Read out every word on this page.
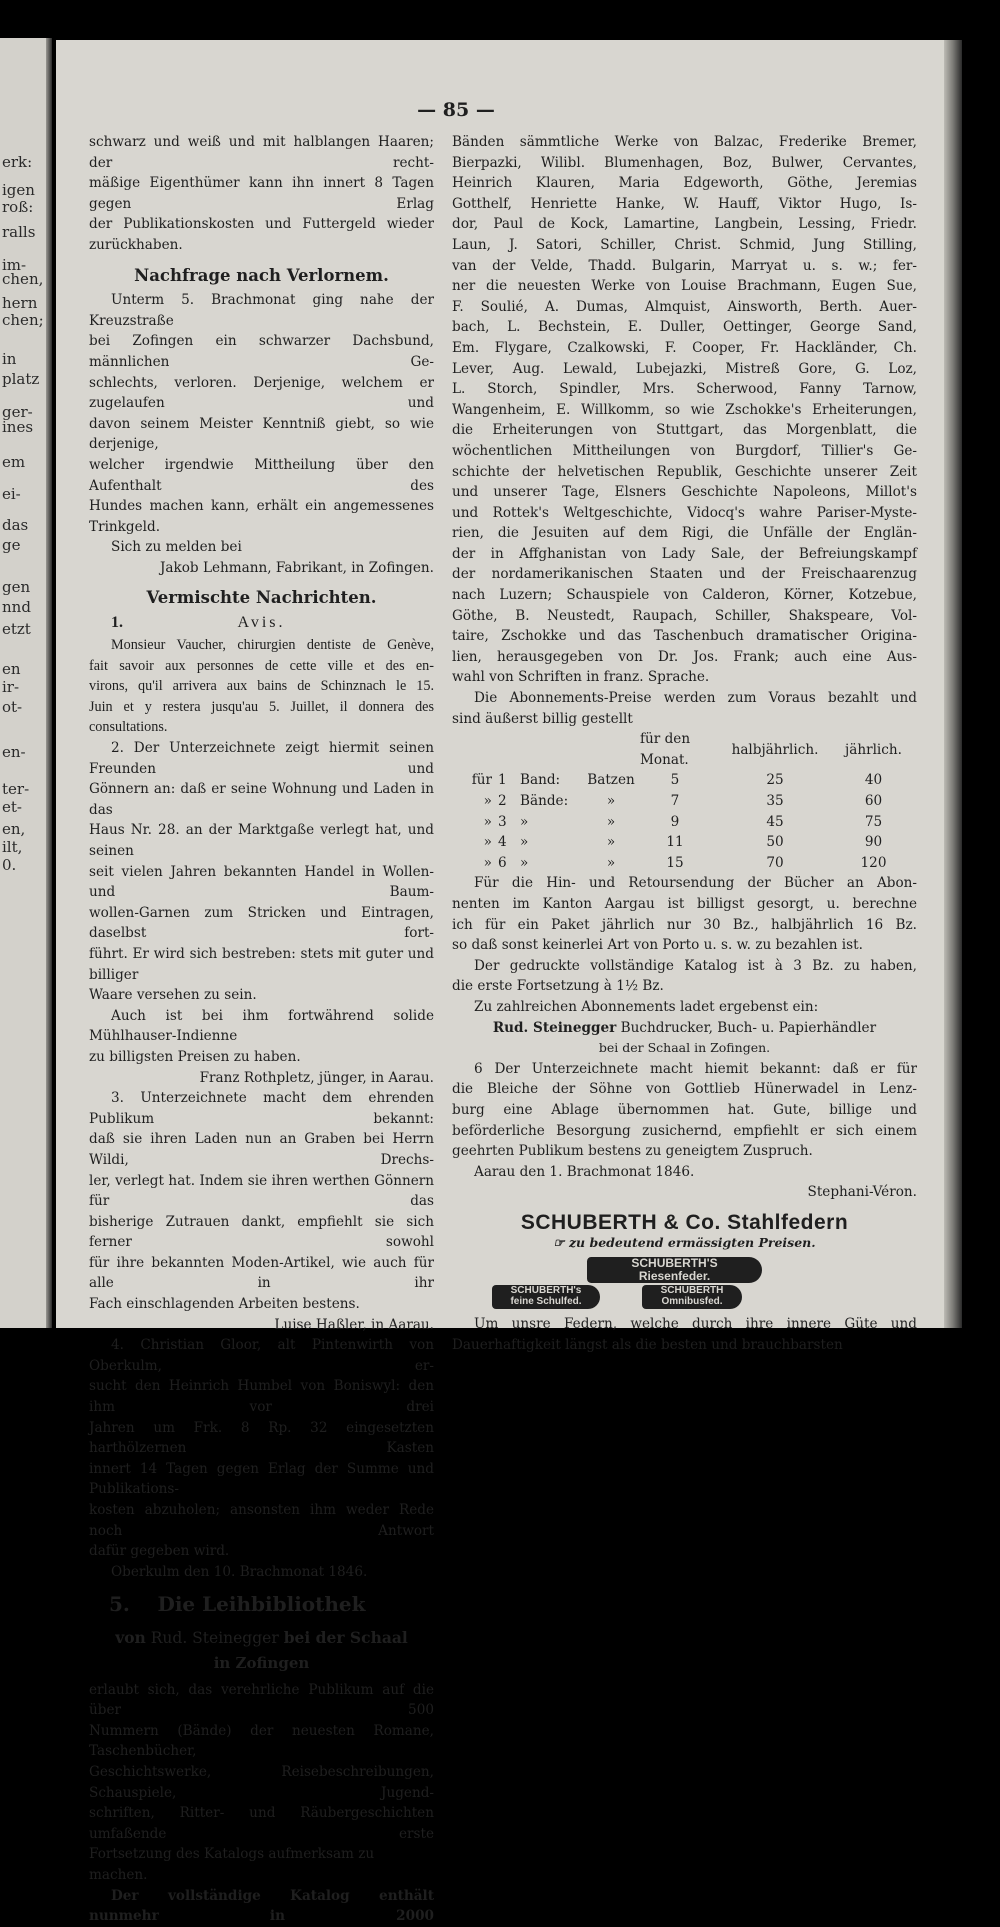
erk:
igen
roß:
ralls
im-
chen,
hern
chen;
in
platz
ger-
ines
em
ei-
das
ge
gen
nnd
etzt
en
ir-
ot-
en-
ter-
et-
en,
ilt,
0.
— 85 —
schwarz und weiß und mit halblangen Haaren; der recht-
mäßige Eigenthümer kann ihn innert 8 Tagen gegen Erlag
der Publikationskosten und Futtergeld wieder zurückhaben.
Nachfrage nach Verlornem.
Unterm 5. Brachmonat ging nahe der Kreuzstraße
bei Zofingen ein schwarzer Dachsbund, männlichen Ge-
schlechts, verloren. Derjenige, welchem er zugelaufen und
davon seinem Meister Kenntniß giebt, so wie derjenige,
welcher irgendwie Mittheilung über den Aufenthalt des
Hundes machen kann, erhält ein angemessenes Trinkgeld.
Sich zu melden bei
Jakob Lehmann, Fabrikant, in Zofingen.
Vermischte Nachrichten.
1.	Avis.
Monsieur Vaucher, chirurgien dentiste de Genève,
fait savoir aux personnes de cette ville et des en-
virons, qu'il arrivera aux bains de Schinznach le 15.
Juin et y restera jusqu'au 5. Juillet, il donnera des
consultations.
2. Der Unterzeichnete zeigt hiermit seinen Freunden und
Gönnern an: daß er seine Wohnung und Laden in das
Haus Nr. 28. an der Marktgaße verlegt hat, und seinen
seit vielen Jahren bekannten Handel in Wollen- und Baum-
wollen-Garnen zum Stricken und Eintragen, daselbst fort-
führt. Er wird sich bestreben: stets mit guter und billiger
Waare versehen zu sein.
Auch ist bei ihm fortwährend solide Mühlhauser-Indienne
zu billigsten Preisen zu haben.
Franz Rothpletz, jünger, in Aarau.
3. Unterzeichnete macht dem ehrenden Publikum bekannt:
daß sie ihren Laden nun an Graben bei Herrn Wildi, Drechs-
ler, verlegt hat. Indem sie ihren werthen Gönnern für das
bisherige Zutrauen dankt, empfiehlt sie sich ferner sowohl
für ihre bekannten Moden-Artikel, wie auch für alle in ihr
Fach einschlagenden Arbeiten bestens.
Luise Haßler, in Aarau.
4. Christian Gloor, alt Pintenwirth von Oberkulm, er-
sucht den Heinrich Humbel von Boniswyl: den ihm vor drei
Jahren um Frk. 8 Rp. 32 eingesetzten harthölzernen Kasten
innert 14 Tagen gegen Erlag der Summe und Publikations-
kosten abzuholen; ansonsten ihm weder Rede noch Antwort
dafür gegeben wird.
Oberkulm den 10. Brachmonat 1846.
5.	Die Leihbibliothek
von Rud. Steinegger bei der Schaal
in Zofingen
erlaubt sich, das verehrliche Publikum auf die über 500
Nummern (Bände) der neuesten Romane, Taschenbücher,
Geschichtswerke, Reisebeschreibungen, Schauspiele, Jugend-
schriften, Ritter- und Räubergeschichten umfaßende erste
Fortsetzung des Katalogs aufmerksam zu machen.
Der vollständige Katalog enthält nunmehr in 2000
Bänden sämmtliche Werke von Balzac, Frederike Bremer,
Bierpazki, Wilibl. Blumenhagen, Boz, Bulwer, Cervantes,
Heinrich Klauren, Maria Edgeworth, Göthe, Jeremias
Gotthelf, Henriette Hanke, W. Hauff, Viktor Hugo, Is-
dor, Paul de Kock, Lamartine, Langbein, Lessing, Friedr.
Laun, J. Satori, Schiller, Christ. Schmid, Jung Stilling,
van der Velde, Thadd. Bulgarin, Marryat u. s. w.; fer-
ner die neuesten Werke von Louise Brachmann, Eugen Sue,
F. Soulié, A. Dumas, Almquist, Ainsworth, Berth. Auer-
bach, L. Bechstein, E. Duller, Oettinger, George Sand,
Em. Flygare, Czalkowski, F. Cooper, Fr. Hackländer, Ch.
Lever, Aug. Lewald, Lubejazki, Mistreß Gore, G. Loz,
L. Storch, Spindler, Mrs. Scherwood, Fanny Tarnow,
Wangenheim, E. Willkomm, so wie Zschokke's Erheiterungen,
die Erheiterungen von Stuttgart, das Morgenblatt, die
wöchentlichen Mittheilungen von Burgdorf, Tillier's Ge-
schichte der helvetischen Republik, Geschichte unserer Zeit
und unserer Tage, Elsners Geschichte Napoleons, Millot's
und Rottek's Weltgeschichte, Vidocq's wahre Pariser-Myste-
rien, die Jesuiten auf dem Rigi, die Unfälle der Englän-
der in Affghanistan von Lady Sale, der Befreiungskampf
der nordamerikanischen Staaten und der Freischaarenzug
nach Luzern; Schauspiele von Calderon, Körner, Kotzebue,
Göthe, B. Neustedt, Raupach, Schiller, Shakspeare, Vol-
taire, Zschokke und das Taschenbuch dramatischer Origina-
lien, herausgegeben von Dr. Jos. Frank; auch eine Aus-
wahl von Schriften in franz. Sprache.
Die Abonnements-Preise werden zum Voraus bezahlt und
sind äußerst billig gestellt
				für den Monat.		halbjährlich.	jährlich.
für	1	Band:	Batzen	5		25	40
»	2	Bände:	»	7		35	60
»	3	»	»	9		45	75
»	4	»	»	11		50	90
»	6	»	»	15		70	120
Für die Hin- und Retoursendung der Bücher an Abon-
nenten im Kanton Aargau ist billigst gesorgt, u. berechne
ich für ein Paket jährlich nur 30 Bz., halbjährlich 16 Bz.
so daß sonst keinerlei Art von Porto u. s. w. zu bezahlen ist.
Der gedruckte vollständige Katalog ist à 3 Bz. zu haben,
die erste Fortsetzung à 1½ Bz.
Zu zahlreichen Abonnements ladet ergebenst ein:
Rud. Steinegger Buchdrucker, Buch- u. Papierhändler
bei der Schaal in Zofingen.
6 Der Unterzeichnete macht hiemit bekannt: daß er für
die Bleiche der Söhne von Gottlieb Hünerwadel in Lenz-
burg eine Ablage übernommen hat. Gute, billige und
beförderliche Besorgung zusichernd, empfiehlt er sich einem
geehrten Publikum bestens zu geneigtem Zuspruch.
Aarau den 1. Brachmonat 1846.
Stephani-Véron.
SCHUBERTH & Co. Stahlfedern
☞ zu bedeutend ermässigten Preisen.
SCHUBERTH'S
Riesenfeder.
SCHUBERTH's
feine Schulfed.
SCHUBERTH
Omnibusfed.
Um unsre Federn, welche durch ihre innere Güte und
Dauerhaftigkeit längst als die besten und brauchbarsten
